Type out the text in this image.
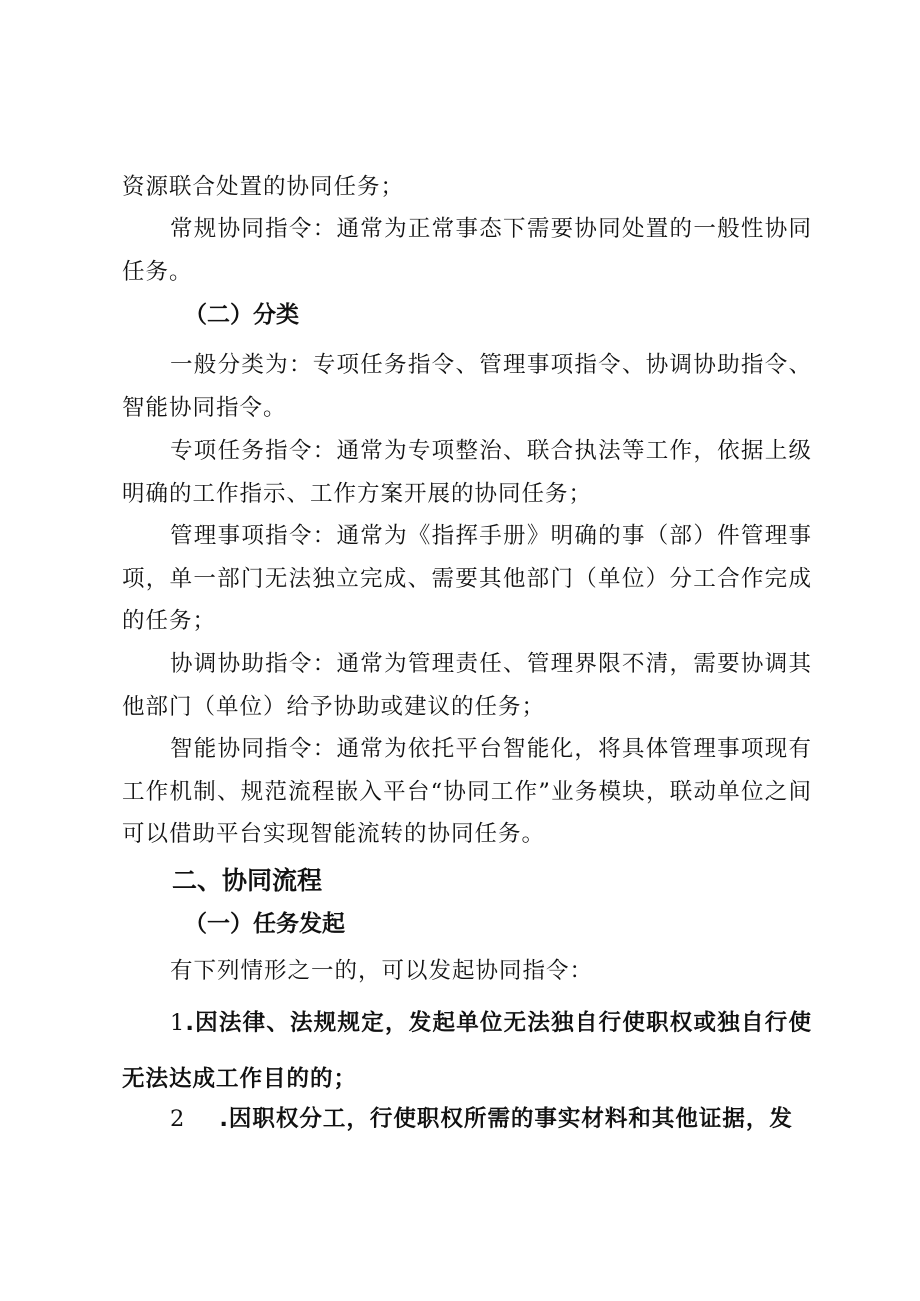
资源联合处置的协同任务；

常规协同指令：通常为正常事态下需要协同处置的一般性协同任务。

（二）分类

一般分类为：专项任务指令、管理事项指令、协调协助指令、智能协同指令。

专项任务指令：通常为专项整治、联合执法等工作，依据上级明确的工作指示、工作方案开展的协同任务；

管理事项指令：通常为《指挥手册》明确的事（部）件管理事项，单一部门无法独立完成、需要其他部门（单位）分工合作完成的任务；

协调协助指令：通常为管理责任、管理界限不清，需要协调其他部门（单位）给予协助或建议的任务；

智能协同指令：通常为依托平台智能化，将具体管理事项现有工作机制、规范流程嵌入平台“协同工作”业务模块，联动单位之间可以借助平台实现智能流转的协同任务。

二、协同流程
（一）任务发起

有下列情形之一的，可以发起协同指令：

1.因法律、法规规定，发起单位无法独自行使职权或独自行使无法达成工作目的的；

2 .因职权分工，行使职权所需的事实材料和其他证据，发
